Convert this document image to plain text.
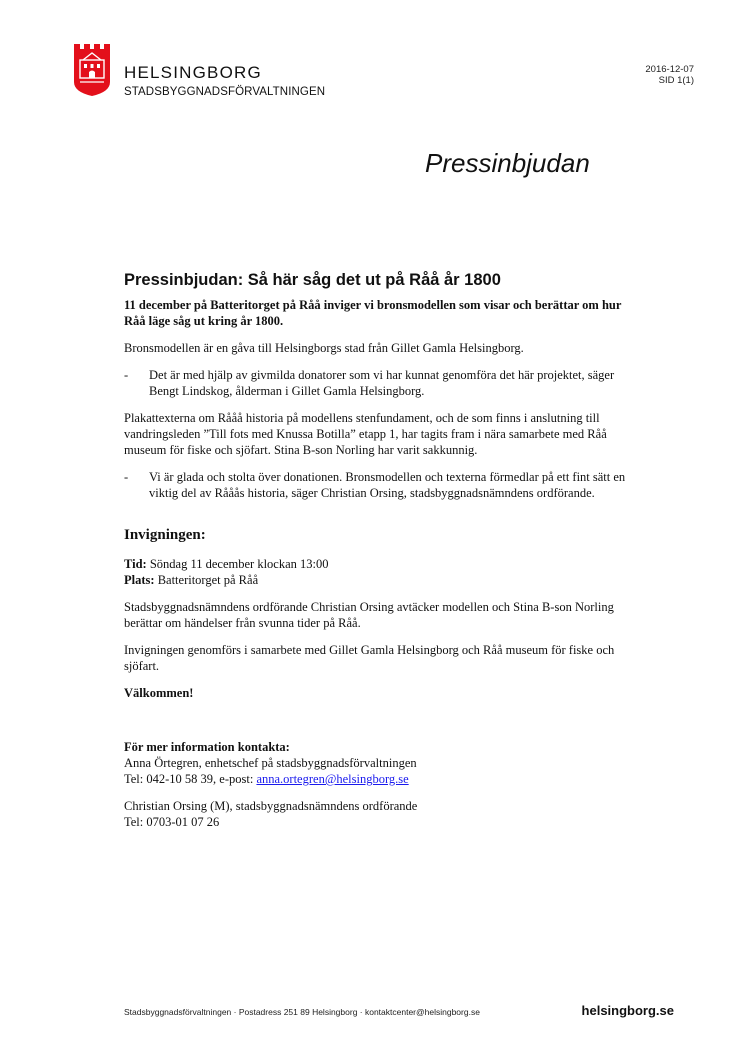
HELSINGBORG
STADSBYGGNADSFÖRVALTNINGEN
2016-12-07
SID 1(1)
Pressinbjudan

Pressinbjudan: Så här såg det ut på Råå år 1800

11 december på Batteritorget på Råå inviger vi bronsmodellen som visar och berättar om hur Råå läge såg ut kring år 1800.

Bronsmodellen är en gåva till Helsingborgs stad från Gillet Gamla Helsingborg.

- Det är med hjälp av givmilda donatorer som vi har kunnat genomföra det här projektet, säger Bengt Lindskog, ålderman i Gillet Gamla Helsingborg.

Plakattexterna om Rååå historia på modellens stenfundament, och de som finns i anslutning till vandringsleden ”Till fots med Knussa Botilla” etapp 1, har tagits fram i nära samarbete med Råå museum för fiske och sjöfart. Stina B-son Norling har varit sakkunnig.

- Vi är glada och stolta över donationen. Bronsmodellen och texterna förmedlar på ett fint sätt en viktig del av Rååås historia, säger Christian Orsing, stadsbyggnadsnämndens ordförande.

Invigningen:

Tid: Söndag 11 december klockan 13:00

Plats: Batteritorget på Råå

Stadsbyggnadsnämndens ordförande Christian Orsing avtäcker modellen och Stina B-son Norling berättar om händelser från svunna tider på Råå.

Invigningen genomförs i samarbete med Gillet Gamla Helsingborg och Råå museum för fiske och sjöfart.

Välkommen!

För mer information kontakta:

Anna Örtegren, enhetschef på stadsbyggnadsförvaltningen

Tel: 042-10 58 39, e-post: anna.ortegren@helsingborg.se

Christian Orsing (M), stadsbyggnadsnämndens ordförande

Tel: 0703-01 07 26

Stadsbyggnadsförvaltningen · Postadress 251 89 Helsingborg · kontaktcenter@helsingborg.se	helsingborg.se
